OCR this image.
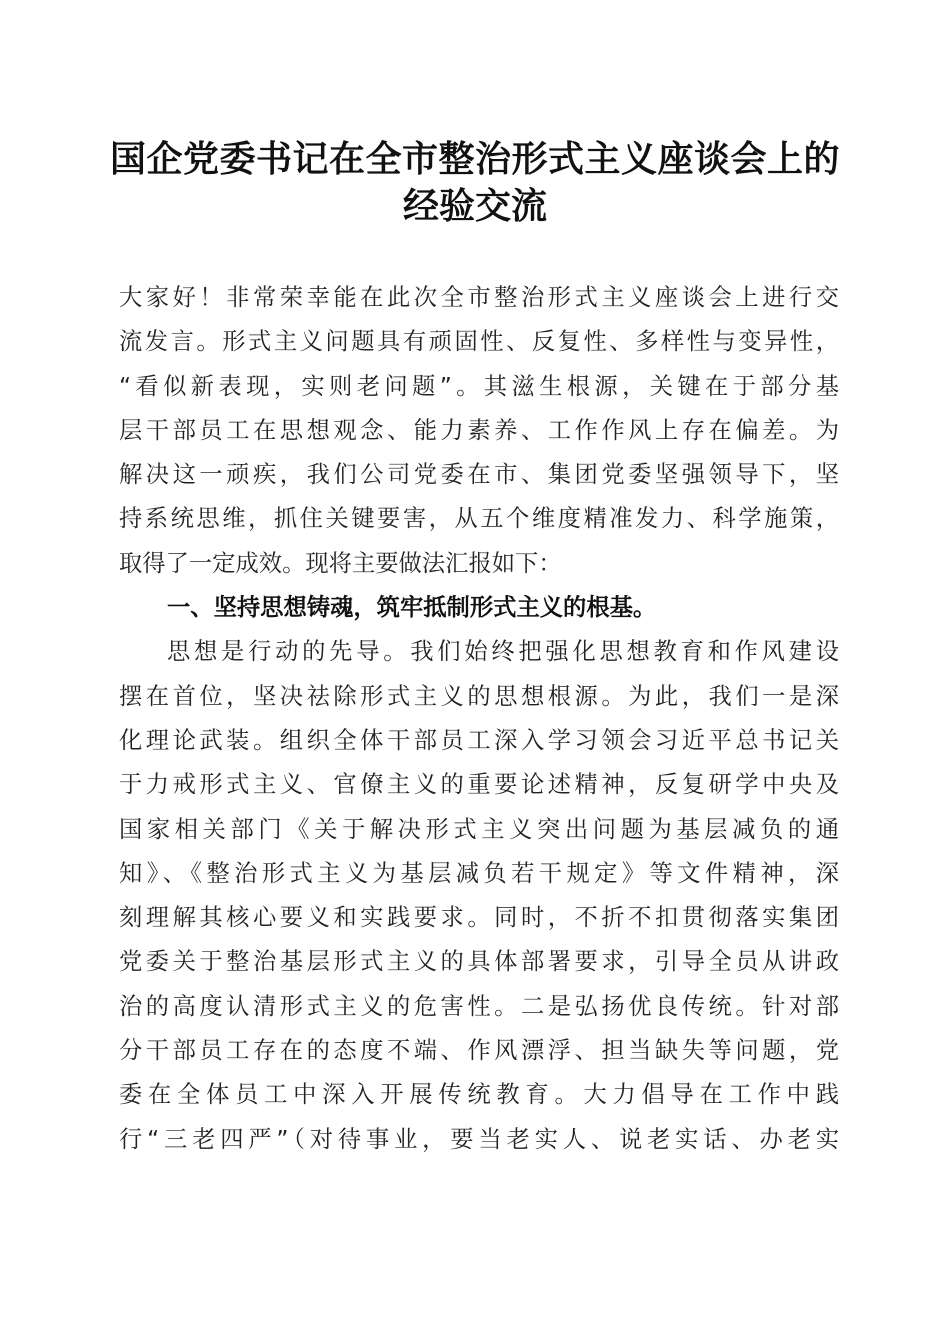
国企党委书记在全市整治形式主义座谈会上的
经验交流
大家好！非常荣幸能在此次全市整治形式主义座谈会上进行交
流发言。形式主义问题具有顽固性、反复性、多样性与变异性，
“看似新表现，实则老问题”。其滋生根源，关键在于部分基
层干部员工在思想观念、能力素养、工作作风上存在偏差。为
解决这一顽疾，我们公司党委在市、集团党委坚强领导下，坚
持系统思维，抓住关键要害，从五个维度精准发力、科学施策，
取得了一定成效。现将主要做法汇报如下：
一、坚持思想铸魂，筑牢抵制形式主义的根基。
思想是行动的先导。我们始终把强化思想教育和作风建设
摆在首位，坚决祛除形式主义的思想根源。为此，我们一是深
化理论武装。组织全体干部员工深入学习领会习近平总书记关
于力戒形式主义、官僚主义的重要论述精神，反复研学中央及
国家相关部门《关于解决形式主义突出问题为基层减负的通
知》、《整治形式主义为基层减负若干规定》等文件精神，深
刻理解其核心要义和实践要求。同时，不折不扣贯彻落实集团
党委关于整治基层形式主义的具体部署要求，引导全员从讲政
治的高度认清形式主义的危害性。二是弘扬优良传统。针对部
分干部员工存在的态度不端、作风漂浮、担当缺失等问题，党
委在全体员工中深入开展传统教育。大力倡导在工作中践
行“三老四严”（对待事业，要当老实人、说老实话、办老实
